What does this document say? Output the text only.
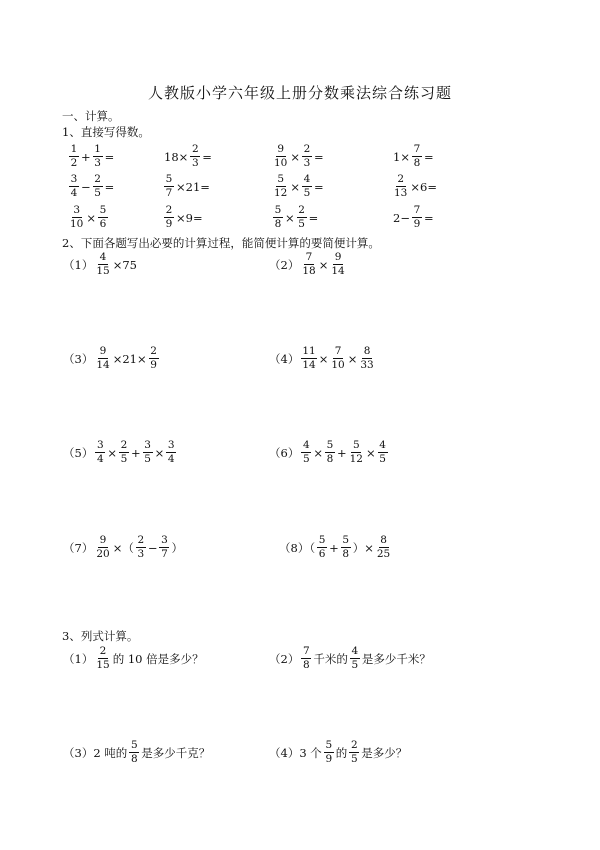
人教版小学六年级上册分数乘法综合练习题
一、计算。
1、直接写得数。
$\frac{1}{2} + \frac{1}{3}$ =	$18\times \frac{2}{3}$ =	$\frac{9}{10} \times \frac{2}{3}$ =	$1\times \frac{7}{8}$ =
$\frac{3}{4} - \frac{2}{5}$ =	$\frac{5}{7} \times 21=$	$\frac{5}{12} \times \frac{4}{5}$ =	$\frac{2}{13} \times 6=$
$\frac{3}{10} \times \frac{5}{6}$	$\frac{2}{9} \times 9=$	$\frac{5}{8} \times \frac{2}{5}$ =	$2- \frac{7}{9}$ =
2、下面各题写出必要的计算过程，能简便计算的要简便计算。
$(1) \frac{4}{15} \times 75$	$(2) \frac{7}{18} \times \frac{9}{14}$
$(3) \frac{9}{14} \times 21\times \frac{2}{9}$	$(4) \frac{11}{14} \times \frac{7}{10} \times \frac{8}{33}$
$(5) \frac{3}{4} \times \frac{2}{5} + \frac{3}{5} \times \frac{3}{4}$	$(6) \frac{4}{5} \times \frac{5}{8} + \frac{5}{12} \times \frac{4}{5}$
$(7) \frac{9}{20}$ ×（ $\frac{2}{3} - \frac{3}{7}$ ）	$(8)( \frac{5}{6} + \frac{5}{8}$ ）× $\frac{8}{25}$
3、列式计算。
$(1) \frac{2}{15}$ 的 10 倍是多少？	$(2) \frac{7}{8}$ 千米的 $\frac{4}{5}$ 是多少千米？
（3）2 吨的 $\frac{5}{8}$ 是多少千克？	（4）3 个 $\frac{5}{9}$ 的 $\frac{2}{5}$ 是多少？
